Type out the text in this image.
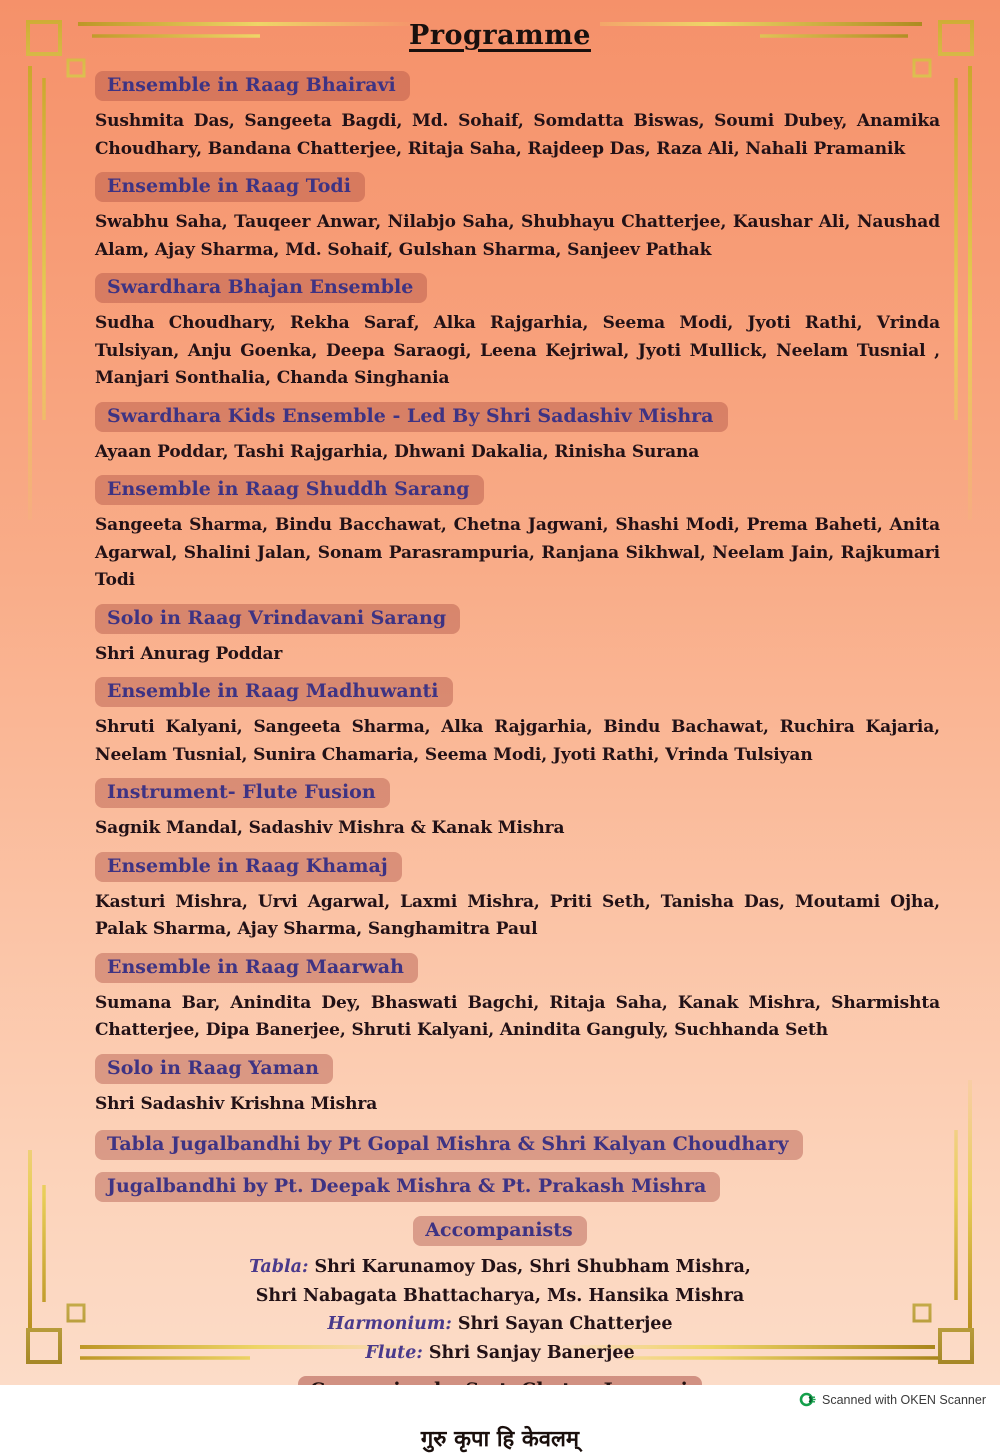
Programme
Ensemble in Raag Bhairavi

Sushmita Das, Sangeeta Bagdi, Md. Sohaif, Somdatta Biswas, Soumi Dubey, Anamika Choudhary, Bandana Chatterjee, Ritaja Saha, Rajdeep Das, Raza Ali, Nahali Pramanik

Ensemble in Raag Todi

Swabhu Saha, Tauqeer Anwar, Nilabjo Saha, Shubhayu Chatterjee, Kaushar Ali, Naushad Alam, Ajay Sharma, Md. Sohaif, Gulshan Sharma, Sanjeev Pathak

Swardhara Bhajan Ensemble

Sudha Choudhary, Rekha Saraf, Alka Rajgarhia, Seema Modi, Jyoti Rathi, Vrinda Tulsiyan, Anju Goenka, Deepa Saraogi, Leena Kejriwal, Jyoti Mullick, Neelam Tusnial , Manjari Sonthalia, Chanda Singhania

Swardhara Kids Ensemble - Led By Shri Sadashiv Mishra

Ayaan Poddar, Tashi Rajgarhia, Dhwani Dakalia, Rinisha Surana

Ensemble in Raag Shuddh Sarang

Sangeeta Sharma, Bindu Bacchawat, Chetna Jagwani, Shashi Modi, Prema Baheti, Anita Agarwal, Shalini Jalan, Sonam Parasrampuria, Ranjana Sikhwal, Neelam Jain, Rajkumari Todi

Solo in Raag Vrindavani Sarang

Shri Anurag Poddar

Ensemble in Raag Madhuwanti

Shruti Kalyani, Sangeeta Sharma, Alka Rajgarhia, Bindu Bachawat, Ruchira Kajaria, Neelam Tusnial, Sunira Chamaria, Seema Modi, Jyoti Rathi, Vrinda Tulsiyan

Instrument- Flute Fusion

Sagnik Mandal, Sadashiv Mishra & Kanak Mishra

Ensemble in Raag Khamaj

Kasturi Mishra, Urvi Agarwal, Laxmi Mishra, Priti Seth, Tanisha Das, Moutami Ojha, Palak Sharma, Ajay Sharma, Sanghamitra Paul

Ensemble in Raag Maarwah

Sumana Bar, Anindita Dey, Bhaswati Bagchi, Ritaja Saha, Kanak Mishra, Sharmishta Chatterjee, Dipa Banerjee, Shruti Kalyani, Anindita Ganguly, Suchhanda Seth

Solo in Raag Yaman

Shri Sadashiv Krishna Mishra

Tabla Jugalbandhi by Pt Gopal Mishra & Shri Kalyan Choudhary
Jugalbandhi by Pt. Deepak Mishra & Pt. Prakash Mishra
Accompanists

Tabla: Shri Karunamoy Das, Shri Shubham Mishra,

Shri Nabagata Bhattacharya, Ms. Hansika Mishra

Harmonium: Shri Sayan Chatterjee

Flute: Shri Sanjay Banerjee

गुरु कृपा हि केवलम्

Scanned with OKEN Scanner
